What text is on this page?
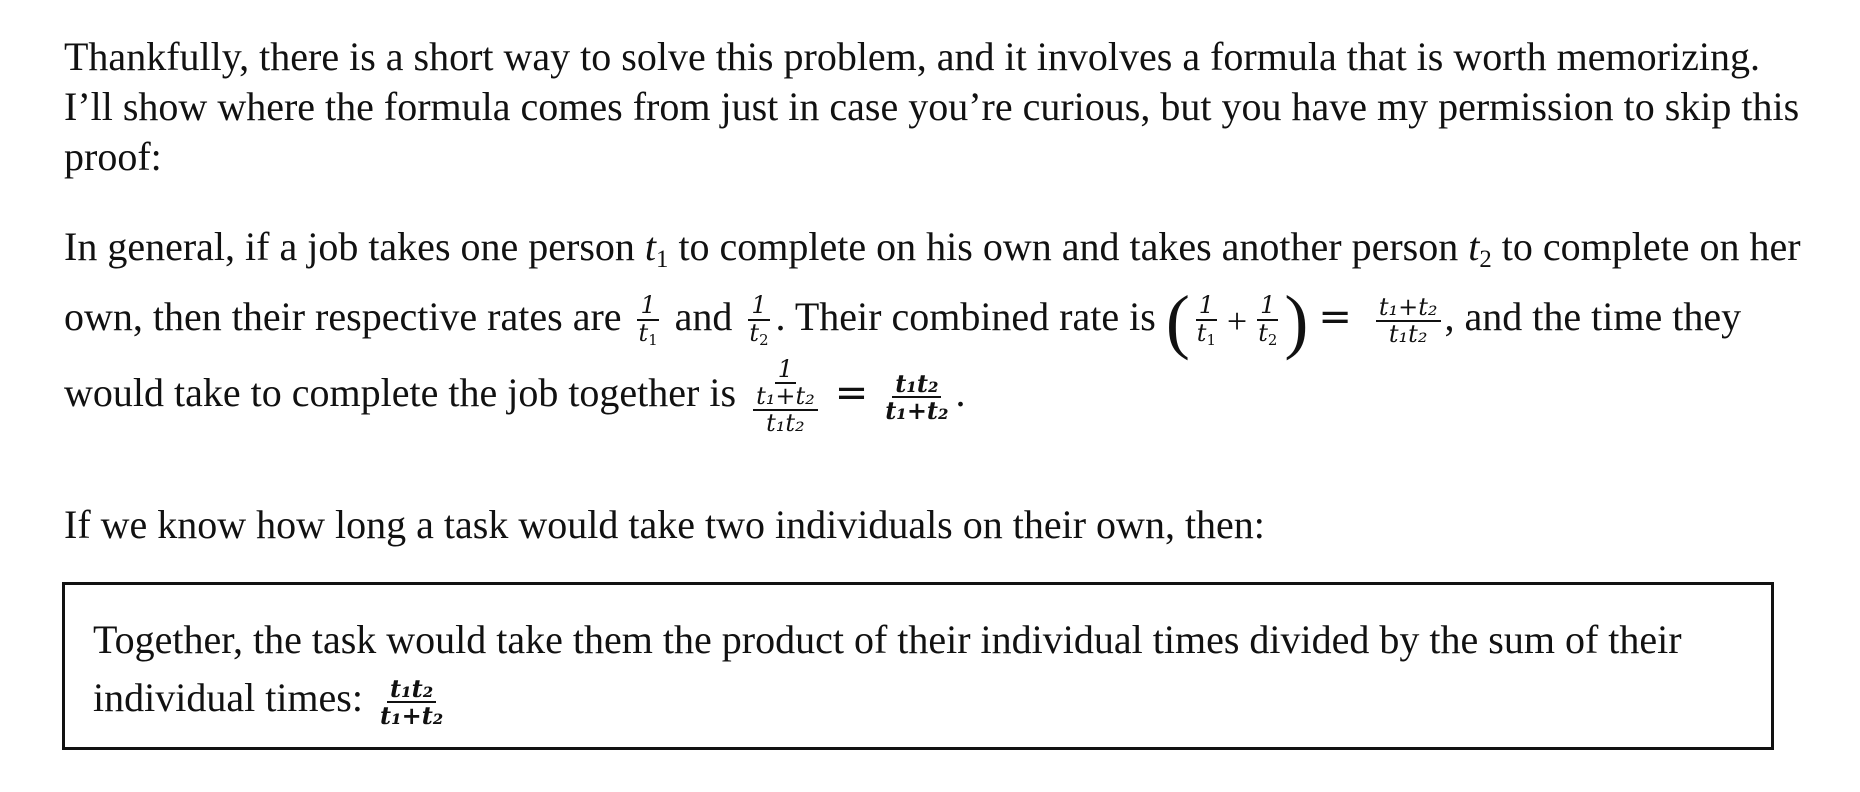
Thankfully, there is a short way to solve this problem, and it involves a formula that is worth memorizing. I’ll show where the formula comes from just in case you’re curious, but you have my permission to skip this proof:

In general, if a job takes one person $t_1$ to complete on his own and takes another person $t_2$ to complete on her own, then their respective rates are $\frac{1}{t_1}$ and $\frac{1}{t_2}$ . Their combined rate is ( $\frac{1}{t_1} + \frac{1}{t_2}$ ) = $\frac{\text{t₁+t₂}}{\text{t₁t₂}}$ , and the time they would take to complete the job together is $\frac{1}{\frac{\text{t₁+t₂}}{\text{t₁t₂}}} = \frac{\text{t₁t₂}}{\text{t₁+t₂}}$ .

If we know how long a task would take two individuals on their own, then:

Together, the task would take them the product of their individual times divided by the sum of their individual times: $\frac{\text{t₁t₂}}{\text{t₁+t₂}}$
